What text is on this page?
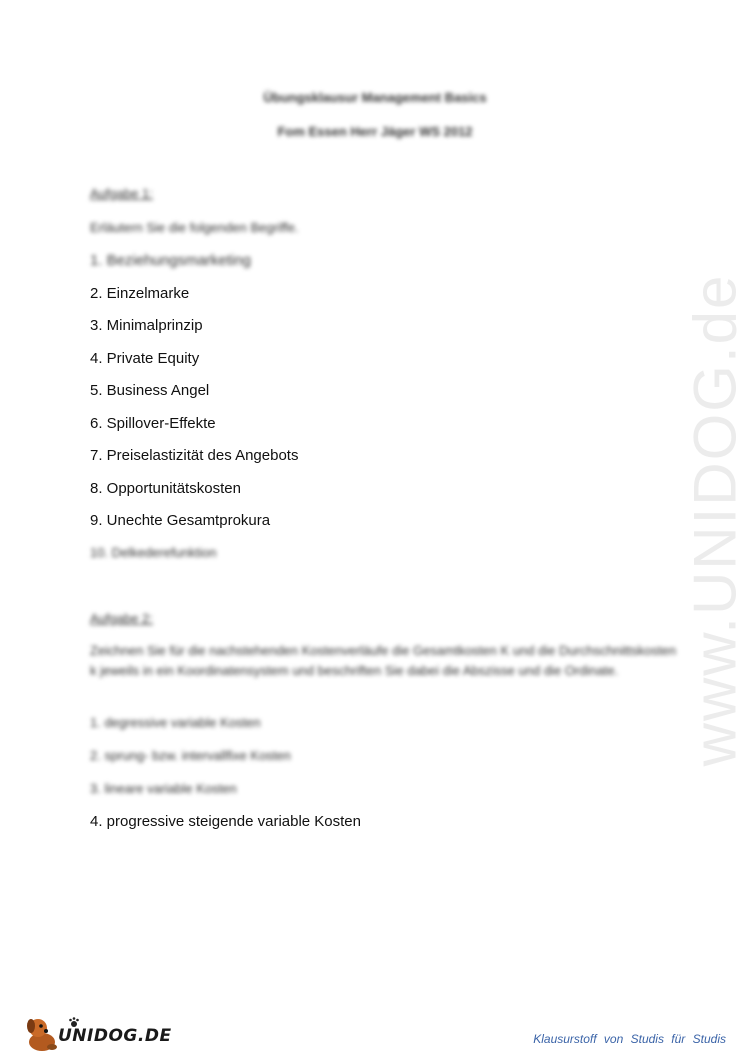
www.UNIDOG.de
Übungsklausur Management Basics
Fom Essen Herr Jäger WS 2012
Aufgabe 1:
Erläutern Sie die folgenden Begriffe.
1. Beziehungsmarketing
2. Einzelmarke
3. Minimalprinzip
4. Private Equity
5. Business Angel
6. Spillover-Effekte
7. Preiselastizität des Angebots
8. Opportunitätskosten
9. Unechte Gesamtprokura
10. Delkederefunktion
Aufgabe 2:
Zeichnen Sie für die nachstehenden Kostenverläufe die Gesamtkosten K und die Durchschnittskosten k jeweils in ein Koordinatensystem und beschriften Sie dabei die Abszisse und die Ordinate.
1. degressive variable Kosten
2. sprung- bzw. intervallfixe Kosten
3. lineare variable Kosten
4. progressive steigende variable Kosten
UNIDOG.DE	Klausurstoff von Studis für Studis
